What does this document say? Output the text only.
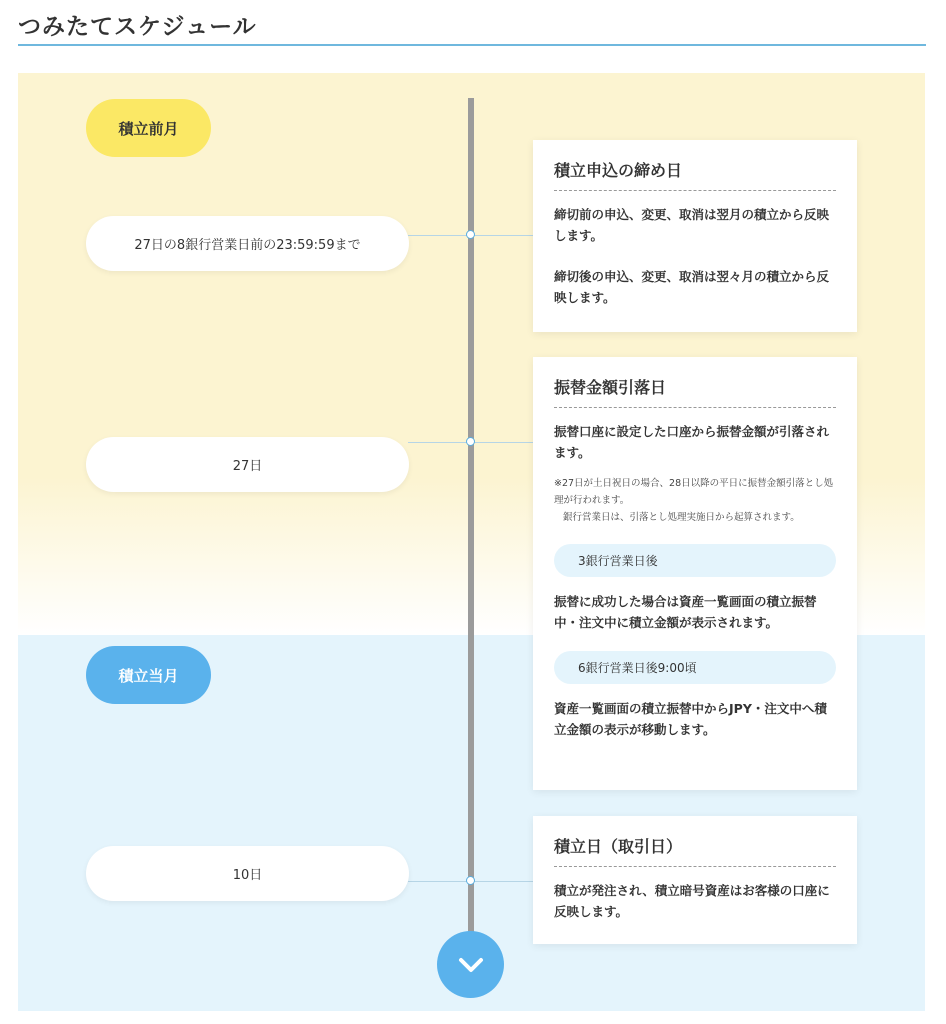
つみたてスケジュール
積立前月
積立当月
27日の8銀行営業日前の23:59:59まで
27日
10日
積立申込の締め日
締切前の申込、変更、取消は翌月の積立から反映します。
締切後の申込、変更、取消は翌々月の積立から反映します。
振替金額引落日
振替口座に設定した口座から振替金額が引落されます。
※27日が土日祝日の場合、28日以降の平日に振替金額引落とし処理が行われます。
銀行営業日は、引落とし処理実施日から起算されます。
3銀行営業日後
振替に成功した場合は資産一覧画面の積立振替中・注文中に積立金額が表示されます。
6銀行営業日後9:00頃
資産一覧画面の積立振替中からJPY・注文中へ積立金額の表示が移動します。
積立日（取引日）
積立が発注され、積立暗号資産はお客様の口座に反映します。
